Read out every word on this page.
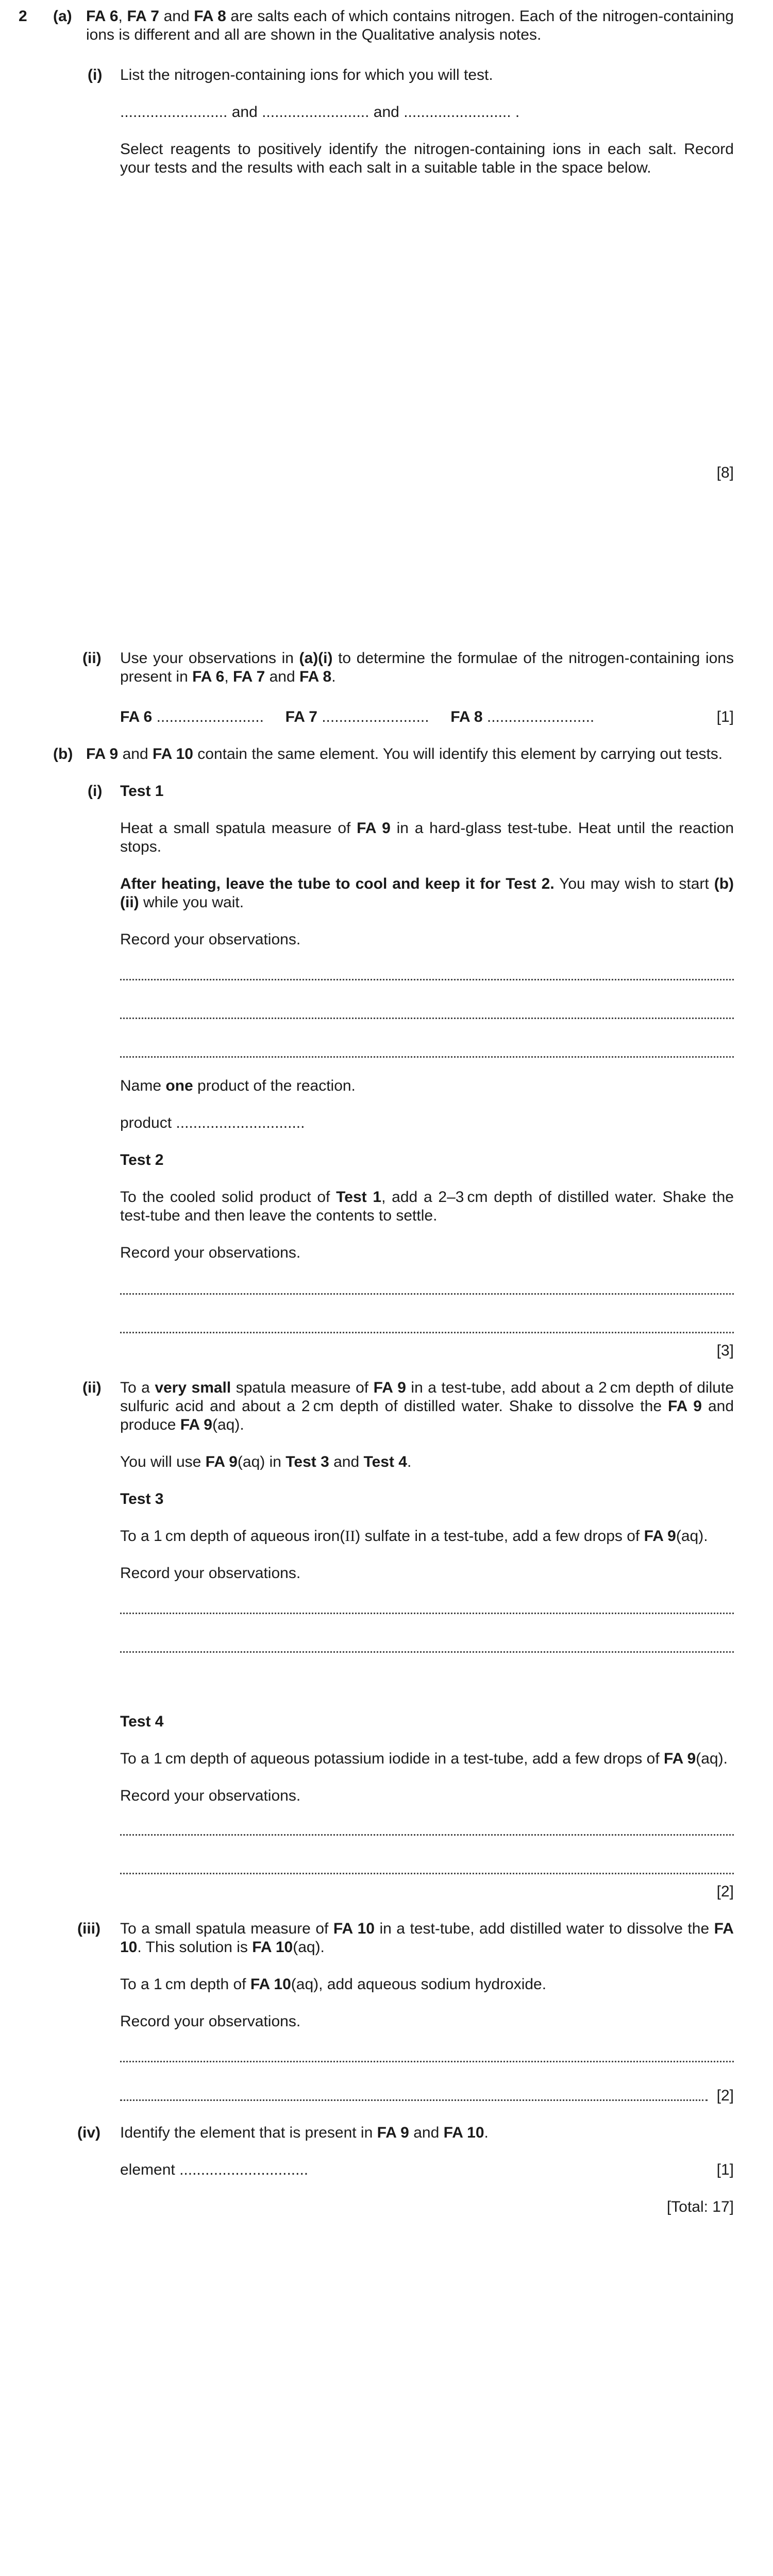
2 (a) FA 6, FA 7 and FA 8 are salts each of which contains nitrogen. Each of the nitrogen-containing ions is different and all are shown in the Qualitative analysis notes.

(i) List the nitrogen-containing ions for which you will test.

......................... and ......................... and ......................... .

Select reagents to positively identify the nitrogen-containing ions in each salt. Record your tests and the results with each salt in a suitable table in the space below.

[8]

(ii) Use your observations in (a)(i) to determine the formulae of the nitrogen-containing ions present in FA 6, FA 7 and FA 8.

FA 6 .........................     FA 7 .........................     FA 8 .........................	[1]

(b) FA 9 and FA 10 contain the same element. You will identify this element by carrying out tests.

(i) Test 1

Heat a small spatula measure of FA 9 in a hard-glass test-tube. Heat until the reaction stops.

After heating, leave the tube to cool and keep it for Test 2. You may wish to start (b)(ii) while you wait.

Record your observations.

Name one product of the reaction.

product ..............................

Test 2

To the cooled solid product of Test 1, add a 2–3 cm depth of distilled water. Shake the test-tube and then leave the contents to settle.

Record your observations.

[3]

(ii) To a very small spatula measure of FA 9 in a test-tube, add about a 2 cm depth of dilute sulfuric acid and about a 2 cm depth of distilled water. Shake to dissolve the FA 9 and produce FA 9(aq).

You will use FA 9(aq) in Test 3 and Test 4.

Test 3

To a 1 cm depth of aqueous iron(II) sulfate in a test-tube, add a few drops of FA 9(aq).

Record your observations.

Test 4

To a 1 cm depth of aqueous potassium iodide in a test-tube, add a few drops of FA 9(aq).

Record your observations.

[2]

(iii) To a small spatula measure of FA 10 in a test-tube, add distilled water to dissolve the FA 10. This solution is FA 10(aq).

To a 1 cm depth of FA 10(aq), add aqueous sodium hydroxide.

Record your observations.

[2]

(iv) Identify the element that is present in FA 9 and FA 10.

element ..............................	[1]

[Total: 17]
